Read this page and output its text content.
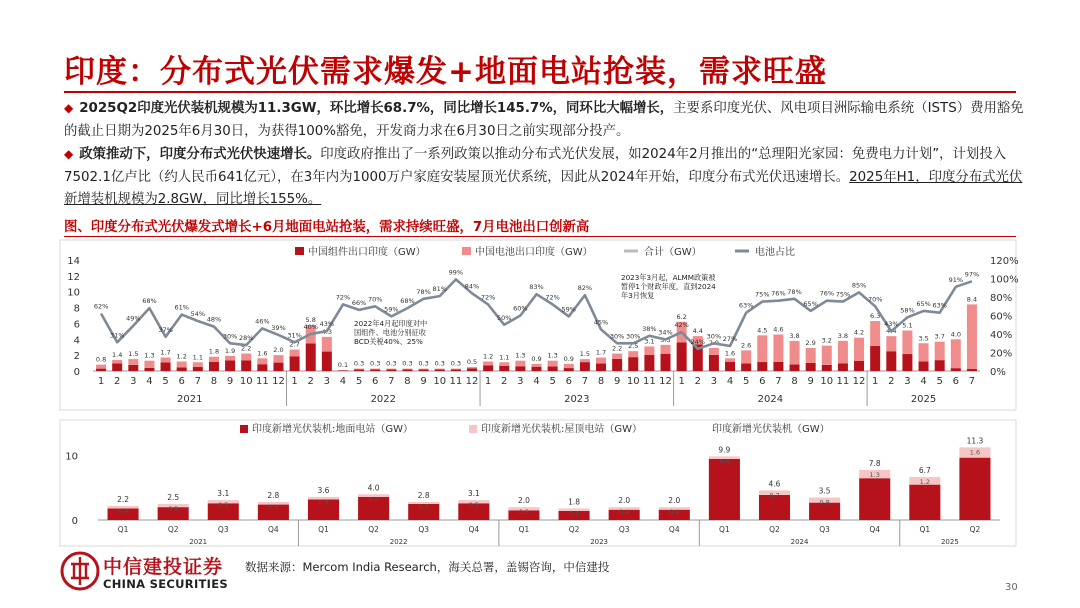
印度：分布式光伏需求爆发+地面电站抢装，需求旺盛

◆ 2025Q2印度光伏装机规模为11.3GW，环比增长68.7%，同比增长145.7%，同环比大幅增长，主要系印度光伏、风电项目洲际输电系统（ISTS）费用豁免的截止日期为2025年6月30日，为获得100%豁免，开发商力求在6月30日之前实现部分投产。

◆ 政策推动下，印度分布式光伏快速增长。印度政府推出了一系列政策以推动分布式光伏发展，如2024年2月推出的“总理阳光家园：免费电力计划”，计划投入7502.1亿卢比（约人民币641亿元），在3年内为1000万户家庭安装屋顶光伏系统，因此从2024年开始，印度分布式光伏迅速增长。2025年H1，印度分布式光伏新增装机规模为2.8GW，同比增长155%。

图、印度分布式光伏爆发式增长+6月地面电站抢装，需求持续旺盛，7月电池出口创新高
中国组件出口印度（GW）	中国电池出口印度（GW）	合计（GW）	电池占比
0
2
4
6
8
10
12
14
0%
20%
40%
60%
80%
100%
120%
0.8
1
1.4
2
1.5
3
1.3
4
1.7
5
1.2
6
1.1
7
1.8
8
1.9
9
2.2
10
1.6
11
2.0
12
2.7
1
5.8
2
4.3
3
0.1
4
0.3
5
0.3
6
0.3
7
0.3
8
0.3
9
0.3
10
0.3
11
0.5
12
1.2
1
1.1
2
1.3
3
0.9
4
1.3
5
0.9
6
1.5
7
1.7
8
2.2
9
2.5
10
3.1
11
3.3
12
6.2
1
4.4
2
2.9
3
1.6
4
2.6
5
4.5
6
4.6
7
3.8
8
2.9
9
3.2
10
3.8
11
4.2
12
6.3
1
4.4
2
5.1
3
3.5
4
3.7
5
4.0
6
8.4
7
62%
31%
49%
68%
37%
61%
54%
48%
30% 28%
46%
39%
31%
40% 43%
72%
66% 70%
59%
68%
78% 81%
99%
84%
72%
50%
60%
83%
72%
59%
82%
45%
30% 30%
38% 34%
42%
24%
30% 27%
63%
75% 76% 78%
65%
76% 75%
85%
70%
43%
58%
65% 63%
91%
97%
2021	2022	2023	2024	2025
2022年4月起印度对中
国组件、电池分别征收
BCD关税40%、25%
2023年3月起，ALMM政策被
暂停1个财政年度，直到2024
年3月恢复
印度新增光伏装机:地面电站（GW）	印度新增光伏装机:屋顶电站（GW）	印度新增光伏装机（GW）
0
10
2.2
0.4
Q1
2.5
0.5
Q2
3.1
0.5
Q3
2.8
0.4
Q4
3.6
0.4
Q1
4.0
0.4
Q2
2.8
0.3
Q3
3.1
0.5
Q4
2.0
0.5
Q1
1.8
0.4
Q2
2.0
0.4
Q3
2.0
0.4
Q4
9.9
0.4
Q1
4.6
0.7
Q2
3.5
0.8
Q3
7.8
1.3
Q4
6.7
1.2
Q1
11.3
1.6
Q2
2021	2022	2023	2024	2025
中信建投证券
CHINA SECURITIES
数据来源：Mercom India Research，海关总署，盖锡咨询，中信建投
30
